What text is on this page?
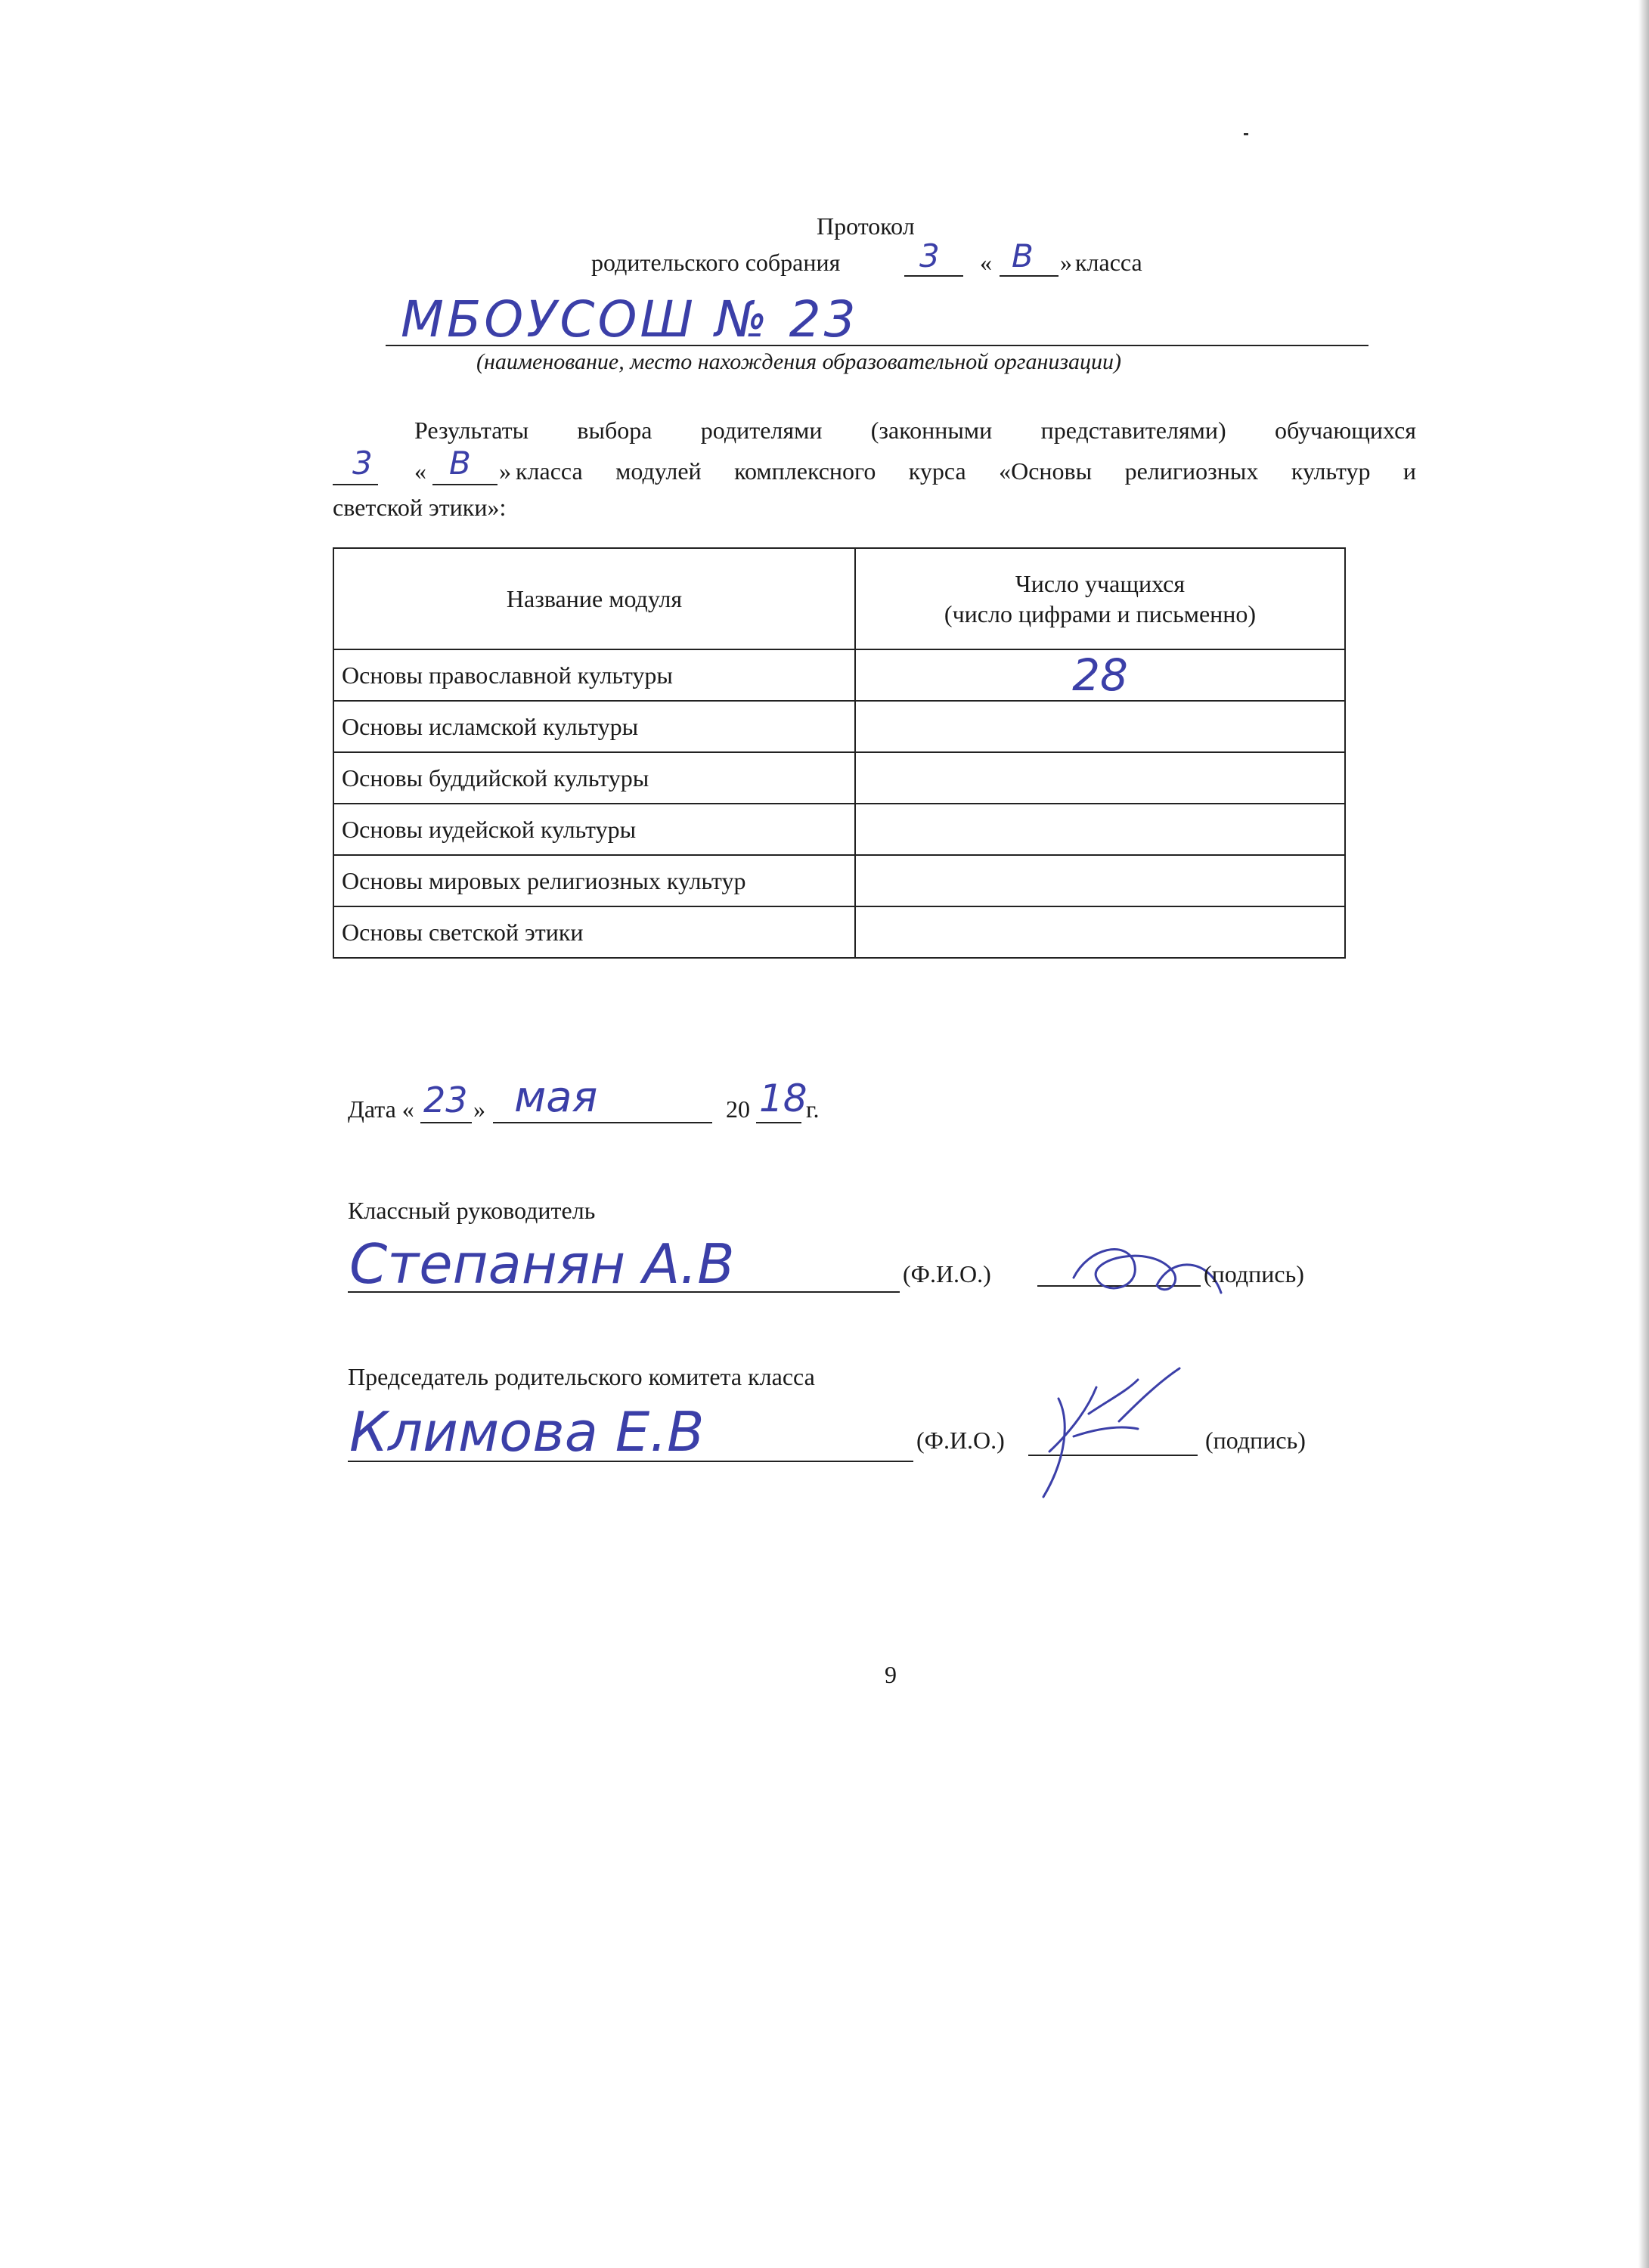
Протокол
родительского собрания 3 « В » класса
МБОУСОШ № 23
(наименование, место нахождения образовательной организации)
Результаты выбора родителями (законными представителями) обучающихся
3 « В » класса модулей комплексного курса «Основы религиозных культур и
светской этики»:
Название модуля	Число учащихся
(число цифрами и письменно)

Основы православной культуры	28
Основы исламской культуры	
Основы буддийской культуры	
Основы иудейской культуры	
Основы мировых религиозных культур	
Основы светской этики	
Дата « 23 » мая	20 18
г.
Классный руководитель
Степанян А.В	(Ф.И.О.)	(подпись)
Председатель родительского комитета класса
Климова Е.В	(Ф.И.О.)	(подпись)
9
